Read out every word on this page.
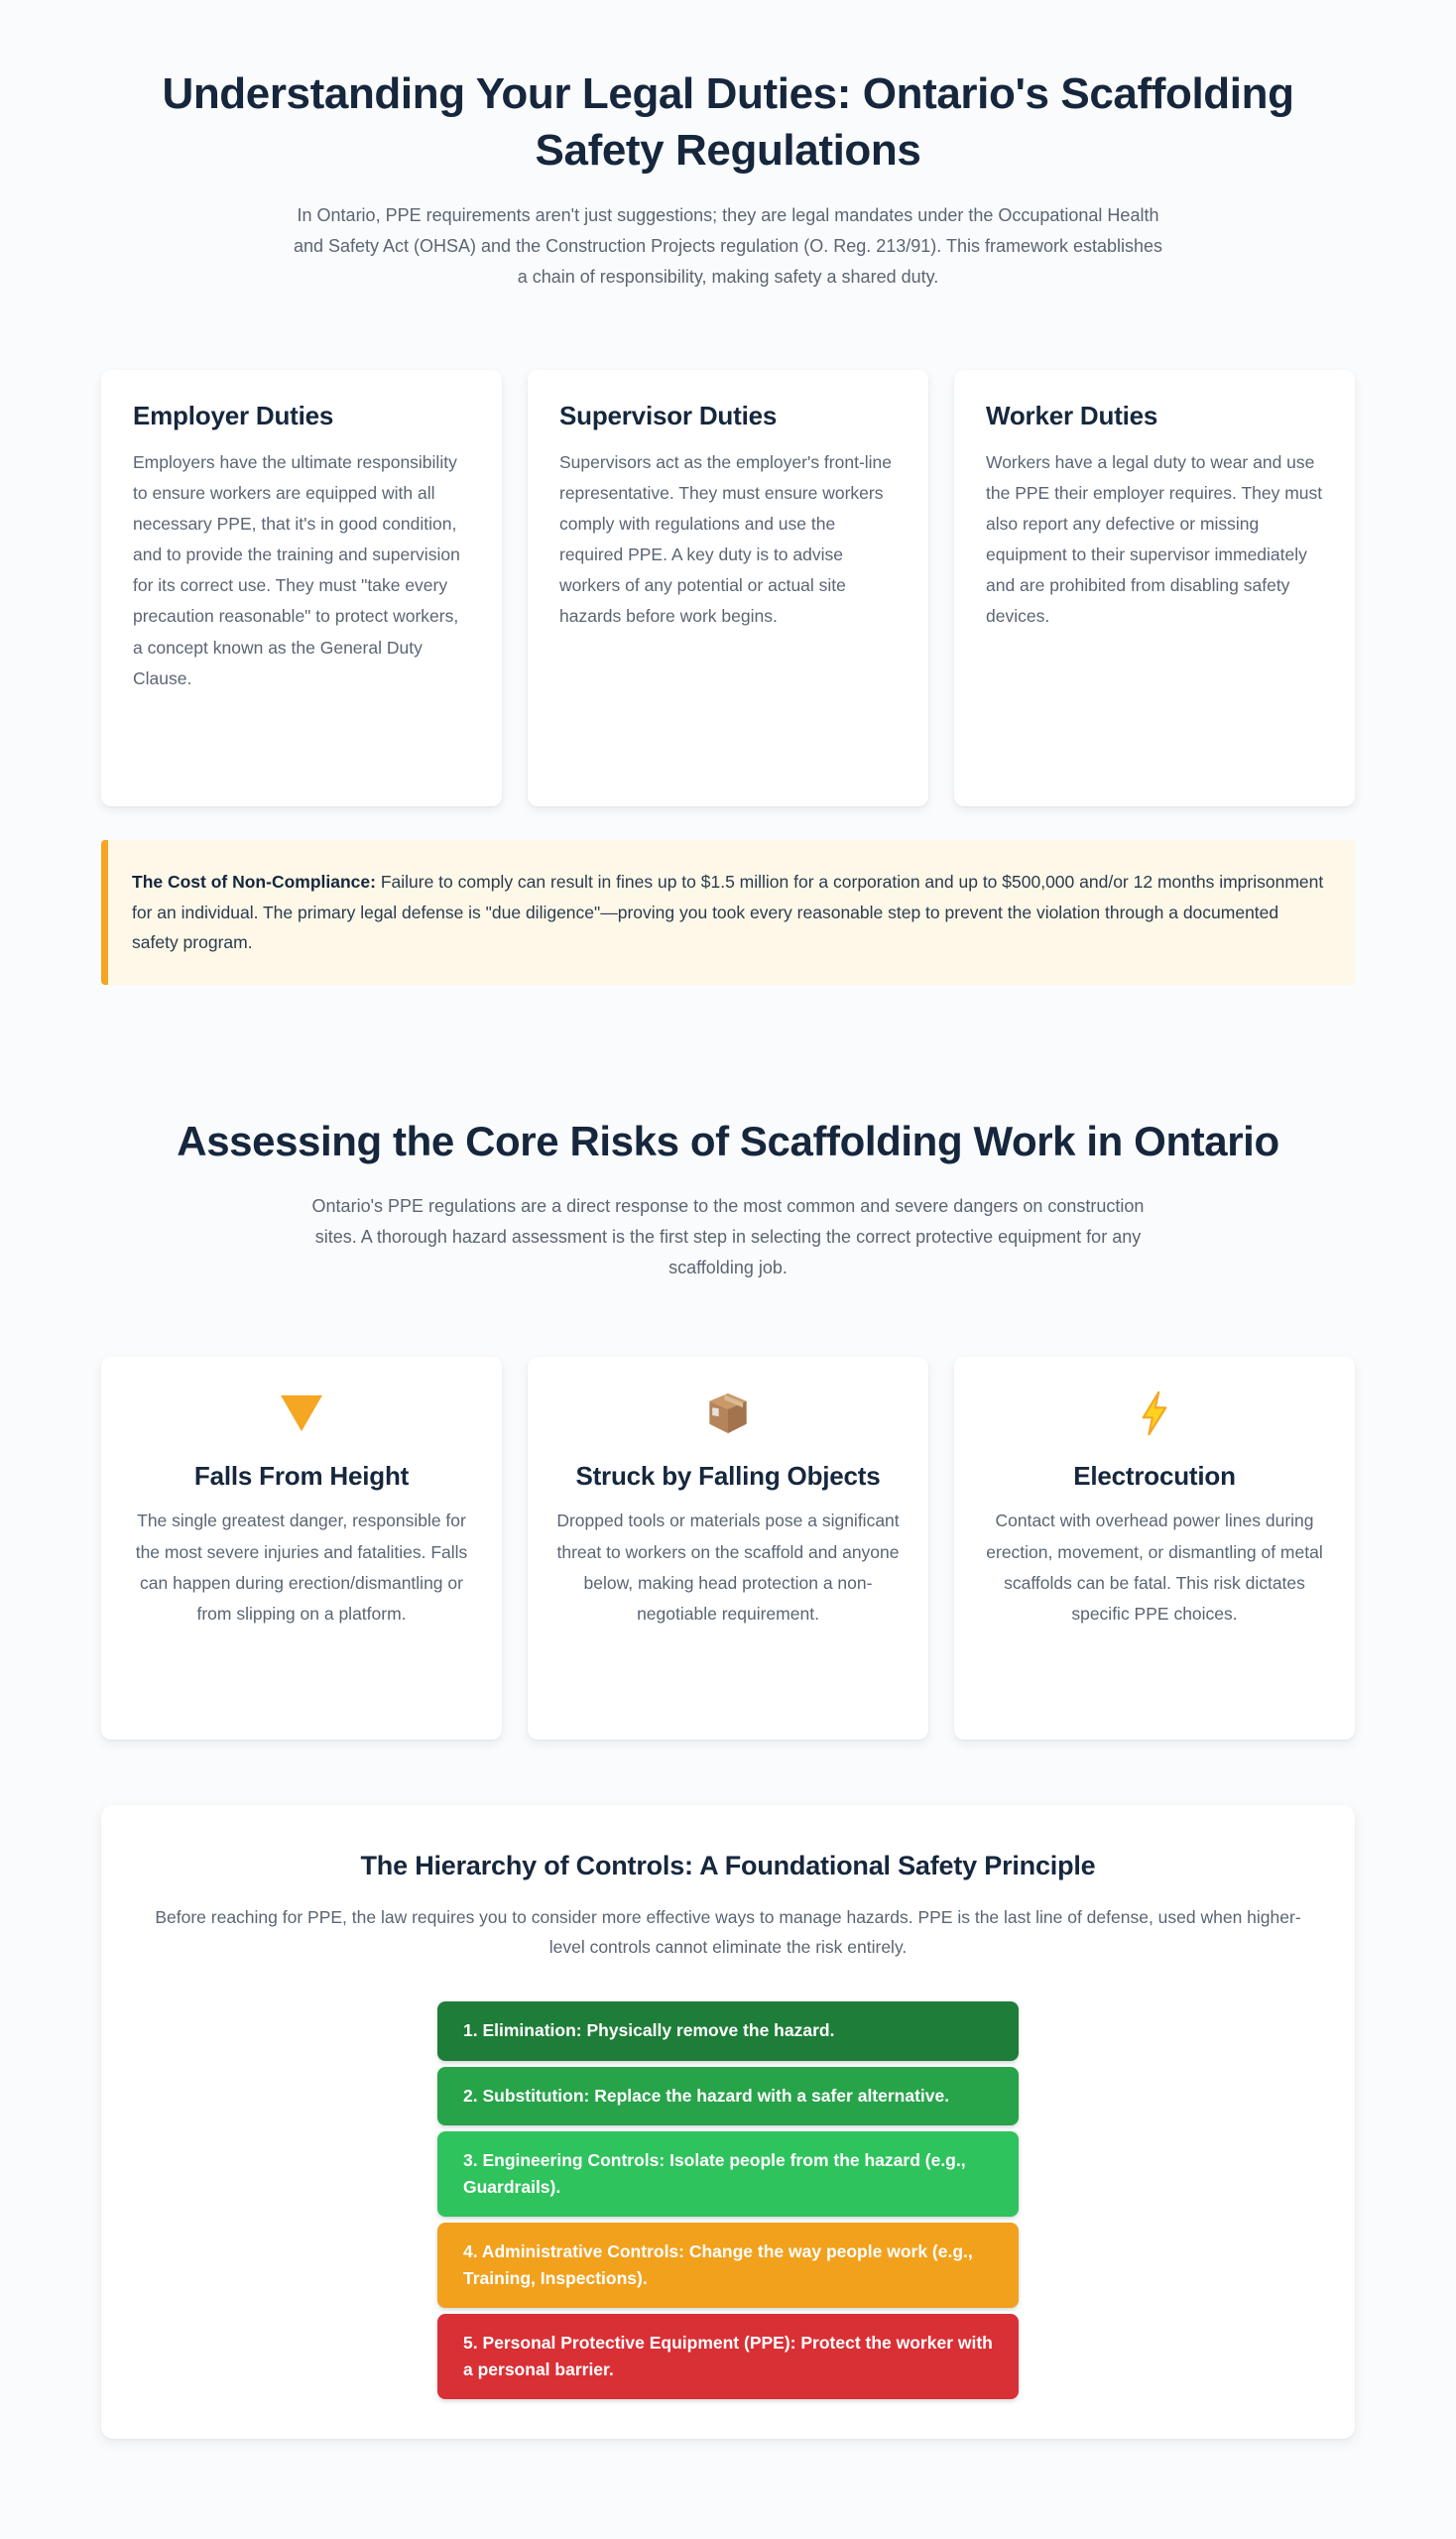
Understanding Your Legal Duties: Ontario's Scaffolding Safety Regulations

In Ontario, PPE requirements aren't just suggestions; they are legal mandates under the Occupational Health and Safety Act (OHSA) and the Construction Projects regulation (O. Reg. 213/91). This framework establishes a chain of responsibility, making safety a shared duty.

Employer Duties

Employers have the ultimate responsibility to ensure workers are equipped with all necessary PPE, that it's in good condition, and to provide the training and supervision for its correct use. They must "take every precaution reasonable" to protect workers, a concept known as the General Duty Clause.

Supervisor Duties

Supervisors act as the employer's front-line representative. They must ensure workers comply with regulations and use the required PPE. A key duty is to advise workers of any potential or actual site hazards before work begins.

Worker Duties

Workers have a legal duty to wear and use the PPE their employer requires. They must also report any defective or missing equipment to their supervisor immediately and are prohibited from disabling safety devices.

The Cost of Non-Compliance: Failure to comply can result in fines up to $1.5 million for a corporation and up to $500,000 and/or 12 months imprisonment for an individual. The primary legal defense is "due diligence"—proving you took every reasonable step to prevent the violation through a documented safety program.
Assessing the Core Risks of Scaffolding Work in Ontario

Ontario's PPE regulations are a direct response to the most common and severe dangers on construction sites. A thorough hazard assessment is the first step in selecting the correct protective equipment for any scaffolding job.

Falls From Height

The single greatest danger, responsible for the most severe injuries and fatalities. Falls can happen during erection/dismantling or from slipping on a platform.

Struck by Falling Objects

Dropped tools or materials pose a significant threat to workers on the scaffold and anyone below, making head protection a non-negotiable requirement.

Electrocution

Contact with overhead power lines during erection, movement, or dismantling of metal scaffolds can be fatal. This risk dictates specific PPE choices.

The Hierarchy of Controls: A Foundational Safety Principle

Before reaching for PPE, the law requires you to consider more effective ways to manage hazards. PPE is the last line of defense, used when higher-level controls cannot eliminate the risk entirely.

1. Elimination: Physically remove the hazard.
2. Substitution: Replace the hazard with a safer alternative.
3. Engineering Controls: Isolate people from the hazard (e.g., Guardrails).
4. Administrative Controls: Change the way people work (e.g., Training, Inspections).
5. Personal Protective Equipment (PPE): Protect the worker with a personal barrier.
